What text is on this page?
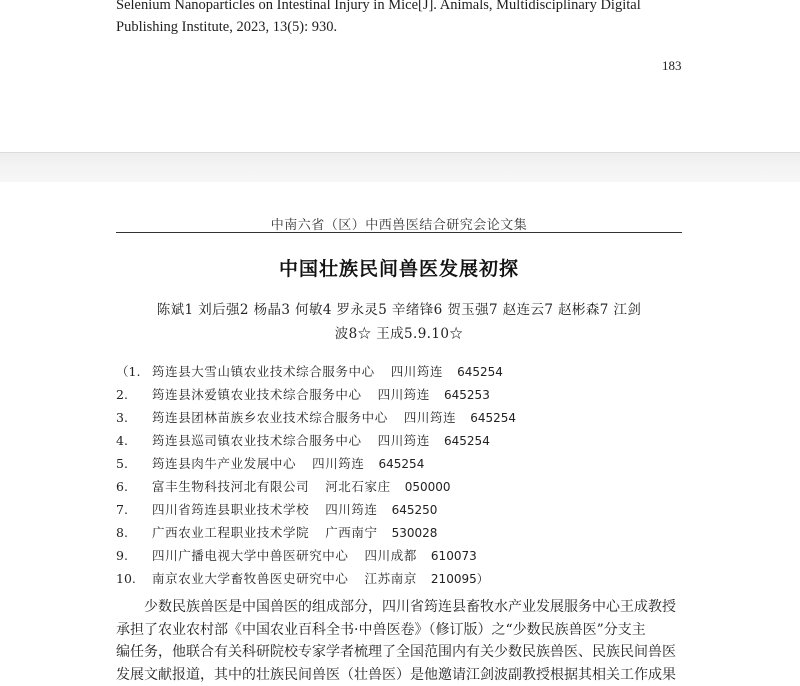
Selenium Nanoparticles on Intestinal Injury in Mice[J]. Animals, Multidisciplinary Digital
Publishing Institute, 2023, 13(5): 930.
183
中南六省（区）中西兽医结合研究会论文集
中国壮族民间兽医发展初探
陈斌1 刘后强2 杨晶3 何敏4 罗永灵5 辛绪锋6 贺玉强7 赵连云7 赵彬森7 江剑
波8☆ 王成5.9.10☆
（1. 筠连县大雪山镇农业技术综合服务中心 四川筠连 645254
2. 筠连县沐爱镇农业技术综合服务中心 四川筠连 645253
3. 筠连县团林苗族乡农业技术综合服务中心 四川筠连 645254
4. 筠连县巡司镇农业技术综合服务中心 四川筠连 645254
5. 筠连县肉牛产业发展中心 四川筠连 645254
6. 富丰生物科技河北有限公司 河北石家庄 050000
7. 四川省筠连县职业技术学校 四川筠连 645250
8. 广西农业工程职业技术学院 广西南宁 530028
9. 四川广播电视大学中兽医研究中心 四川成都 610073
10. 南京农业大学畜牧兽医史研究中心 江苏南京 210095）
少数民族兽医是中国兽医的组成部分，四川省筠连县畜牧水产业发展服务中心王成教授
承担了农业农村部《中国农业百科全书·中兽医卷》（修订版）之“少数民族兽医”分支主
编任务，他联合有关科研院校专家学者梳理了全国范围内有关少数民族兽医、民族民间兽医
发展文献报道，其中的壮族民间兽医（壮兽医）是他邀请江剑波副教授根据其相关工作成果
